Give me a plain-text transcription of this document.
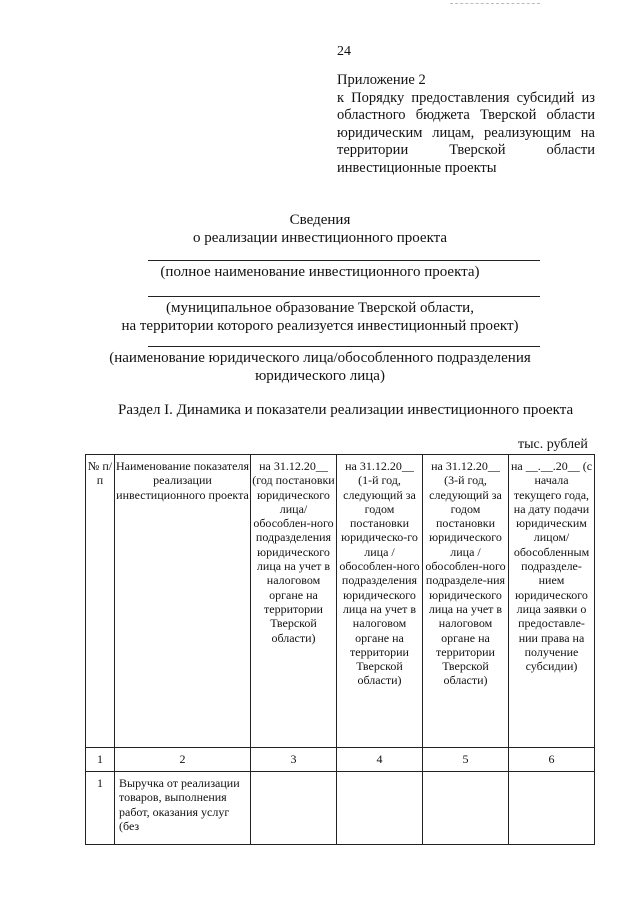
24
Приложение 2
к Порядку предоставления субсидий из
областного бюджета Тверской области
юридическим лицам, реализующим на
территории Тверской области
инвестиционные проекты
Сведения
о реализации инвестиционного проекта
(полное наименование инвестиционного проекта)
(муниципальное образование Тверской области,
на территории которого реализуется инвестиционный проект)
(наименование юридического лица/обособленного подразделения
юридического лица)
Раздел I. Динамика и показатели реализации инвестиционного проекта
тыс. рублей
№ п/п	Наименование показателя реализации инвестиционного проекта	на 31.12.20__ (год постановки юридического лица/ обособлен-ного подразделения юридического лица на учет в налоговом органе на территории Тверской области)	на 31.12.20__ (1-й год, следующий за годом постановки юридическо-го лица / обособлен-ного подразделения юридического лица на учет в налоговом органе на территории Тверской области)	на 31.12.20__ (3-й год, следующий за годом постановки юридического лица / обособлен-ного подразделе-ния юридического лица на учет в налоговом органе на территории Тверской области)	на __.__.20__ (с начала текущего года, на дату подачи юридическим лицом/ обособленным подразделе-нием юридического лица заявки о предоставле-нии права на получение субсидии)
1	2	3	4	5	6
1	Выручка от реализации товаров, выполнения работ, оказания услуг (без				
